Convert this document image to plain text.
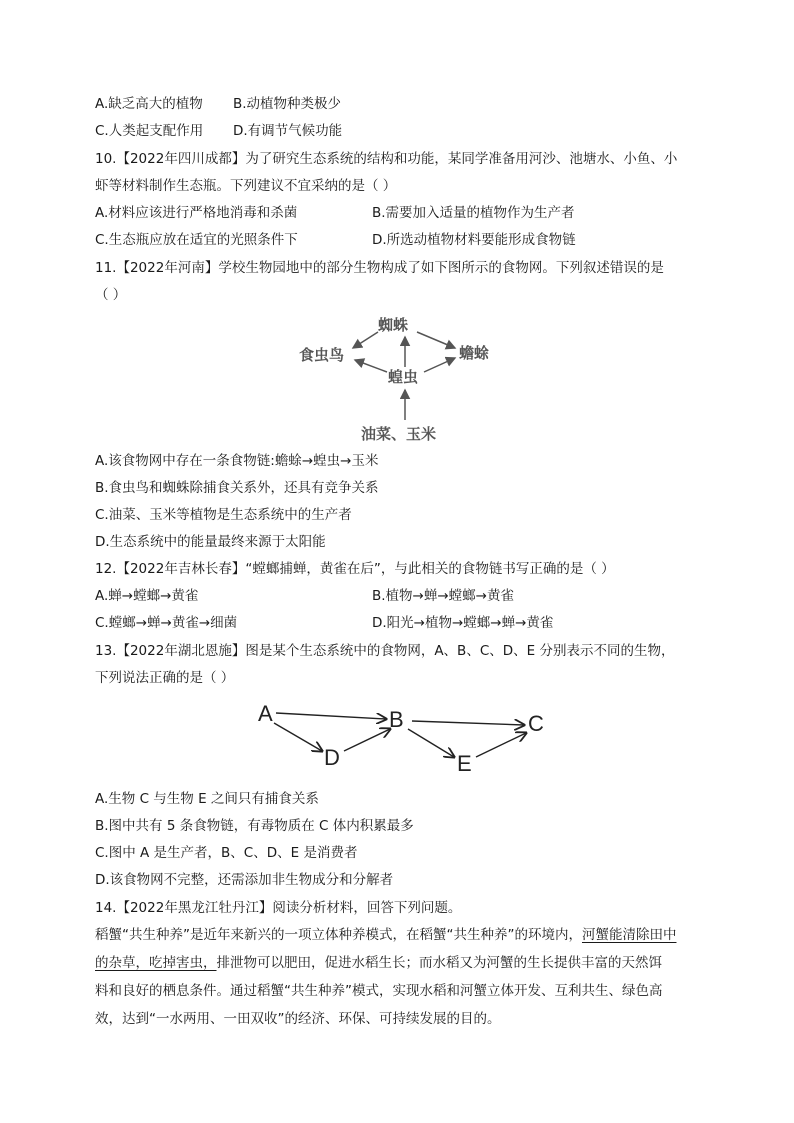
A.缺乏高大的植物 B.动植物种类极少
C.人类起支配作用 D.有调节气候功能
10.【2022年四川成都】为了研究生态系统的结构和功能，某同学准备用河沙、池塘水、小鱼、小
虾等材料制作生态瓶。下列建议不宜采纳的是（ ）
A.材料应该进行严格地消毒和杀菌	B.需要加入适量的植物作为生产者
C.生态瓶应放在适宜的光照条件下	D.所选动植物材料要能形成食物链
11.【2022年河南】学校生物园地中的部分生物构成了如下图所示的食物网。下列叙述错误的是
（ ）
蜘蛛
食虫鸟	蟾蜍
蝗虫
油菜、玉米
A.该食物网中存在一条食物链:蟾蜍→蝗虫→玉米
B.食虫鸟和蜘蛛除捕食关系外，还具有竞争关系
C.油菜、玉米等植物是生态系统中的生产者
D.生态系统中的能量最终来源于太阳能
12.【2022年吉林长春】“螳螂捕蝉，黄雀在后”，与此相关的食物链书写正确的是（ ）
A.蝉→螳螂→黄雀	B.植物→蝉→螳螂→黄雀
C.螳螂→蝉→黄雀→细菌	D.阳光→植物→螳螂→蝉→黄雀
13.【2022年湖北恩施】图是某个生态系统中的食物网，A、B、C、D、E 分别表示不同的生物，
下列说法正确的是（ ）
A	B	C
D	E
A.生物 C 与生物 E 之间只有捕食关系
B.图中共有 5 条食物链，有毒物质在 C 体内积累最多
C.图中 A 是生产者，B、C、D、E 是消费者
D.该食物网不完整，还需添加非生物成分和分解者
14.【2022年黑龙江牡丹江】阅读分析材料，回答下列问题。
稻蟹“共生种养”是近年来新兴的一项立体种养模式，在稻蟹“共生种养”的环境内，河蟹能清除田中
的杂草，吃掉害虫，排泄物可以肥田，促进水稻生长；而水稻又为河蟹的生长提供丰富的天然饵
料和良好的栖息条件。通过稻蟹“共生种养”模式，实现水稻和河蟹立体开发、互利共生、绿色高
效，达到“一水两用、一田双收”的经济、环保、可持续发展的目的。
